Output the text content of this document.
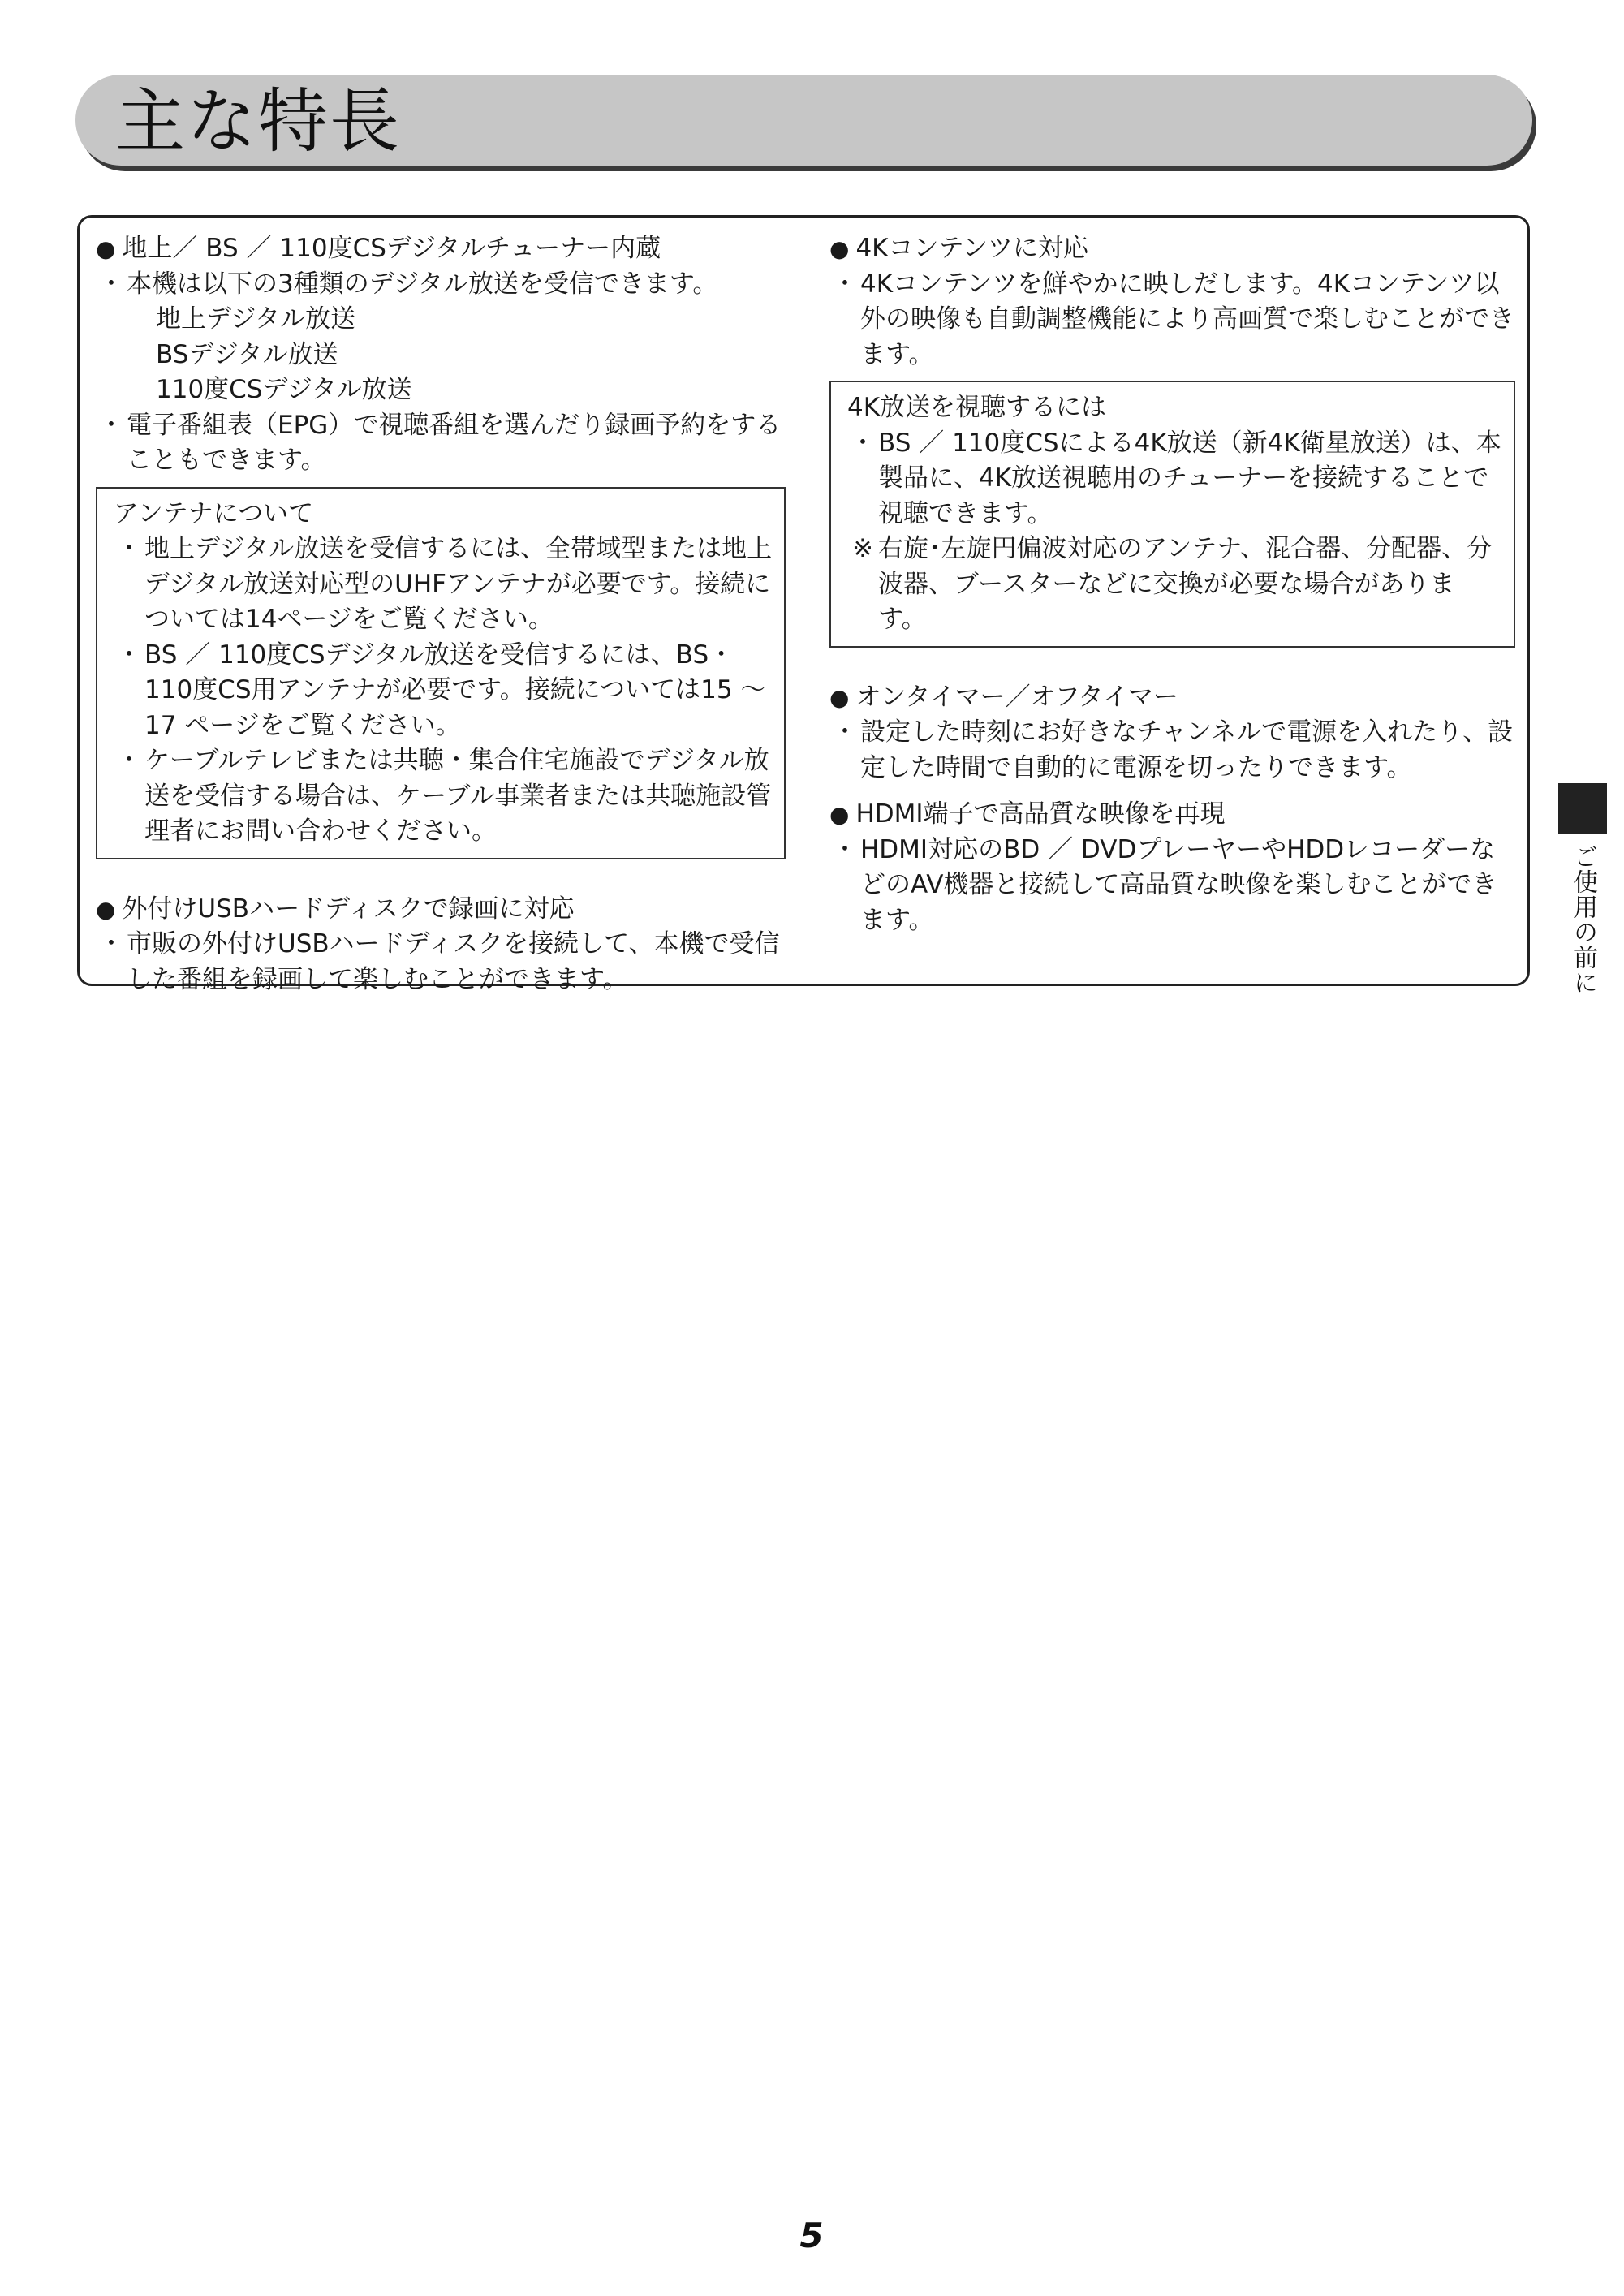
主な特長
● 地上／ BS ／ 110度CSデジタルチューナー内蔵
・ 本機は以下の3種類のデジタル放送を受信できます。
地上デジタル放送
BSデジタル放送
110度CSデジタル放送
・ 電子番組表（EPG）で視聴番組を選んだり録画予約をすることもできます。
アンテナについて
・ 地上デジタル放送を受信するには、全帯域型または地上デジタル放送対応型のUHFアンテナが必要です。接続については14ページをご覧ください。
・ BS ／ 110度CSデジタル放送を受信するには、BS・110度CS用アンテナが必要です。接続については15 ～ 17 ページをご覧ください。
・ ケーブルテレビまたは共聴・集合住宅施設でデジタル放送を受信する場合は、ケーブル事業者または共聴施設管理者にお問い合わせください。
● 外付けUSBハードディスクで録画に対応
・ 市販の外付けUSBハードディスクを接続して、本機で受信した番組を録画して楽しむことができます。
● 4Kコンテンツに対応
・ 4Kコンテンツを鮮やかに映しだします。4Kコンテンツ以外の映像も自動調整機能により高画質で楽しむことができます。
4K放送を視聴するには
・ BS ／ 110度CSによる4K放送（新4K衛星放送）は、本製品に、4K放送視聴用のチューナーを接続することで視聴できます。
※ 右旋･左旋円偏波対応のアンテナ、混合器、分配器、分波器、ブースターなどに交換が必要な場合があります。
● オンタイマー／オフタイマー
・ 設定した時刻にお好きなチャンネルで電源を入れたり、設定した時間で自動的に電源を切ったりできます。
● HDMI端子で高品質な映像を再現
・ HDMI対応のBD ／ DVDプレーヤーやHDDレコーダーなどのAV機器と接続して高品質な映像を楽しむことができます。	ご使用の前に
5
